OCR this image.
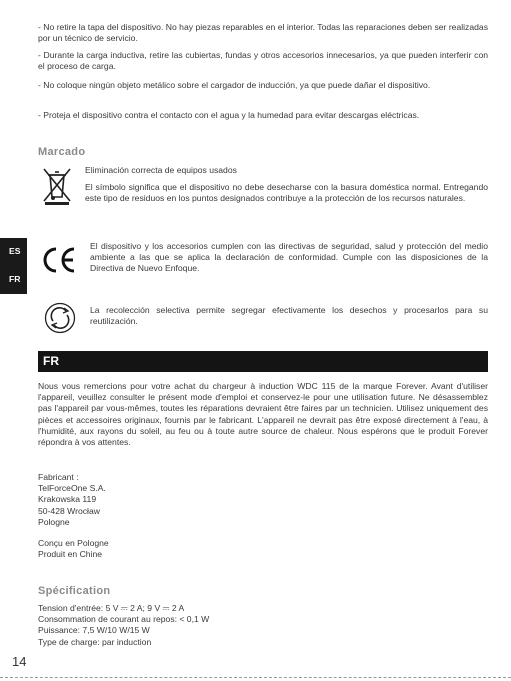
- No retire la tapa del dispositivo. No hay piezas reparables en el interior. Todas las reparaciones deben ser realizadas por un técnico de servicio.
- Durante la carga inductiva, retire las cubiertas, fundas y otros accesorios innecesarios, ya que pueden interferir con el proceso de carga.
- No coloque ningún objeto metálico sobre el cargador de inducción, ya que puede dañar el dispositivo.
- Proteja el dispositivo contra el contacto con el agua y la humedad para evitar descargas eléctricas.
Marcado
Eliminación correcta de equipos usados
El símbolo significa que el dispositivo no debe desecharse con la basura doméstica normal. Entregando este tipo de residuos en los puntos designados contribuye a la protección de los recursos naturales.
El dispositivo y los accesorios cumplen con las directivas de seguridad, salud y protección del medio ambiente a las que se aplica la declaración de conformidad. Cumple con las disposiciones de la Directiva de Nuevo Enfoque.
La recolección selectiva permite segregar efectivamente los desechos y procesarlos para su reutilización.
ES
FR
FR
Nous vous remercions pour votre achat du chargeur à induction WDC 115 de la marque Forever. Avant d'utiliser l'appareil, veuillez consulter le présent mode d'emploi et conservez-le pour une utilisation future. Ne désassemblez pas l'appareil par vous-mêmes, toutes les réparations devraient être faires par un technicien. Utilisez uniquement des pièces et accessoires originaux, fournis par le fabricant. L'appareil ne devrait pas être exposé directement à l'eau, à l'humidité, aux rayons du soleil, au feu ou à toute autre source de chaleur. Nous espérons que le produit Forever répondra à vos attentes.
Fabricant :
TelForceOne S.A.
Krakowska 119
50-428 Wrocław
Pologne
Conçu en Pologne
Produit en Chine
Spécification
Tension d'entrée: 5 V ⎓ 2 A; 9 V ⎓ 2 A
Consommation de courant au repos: < 0,1 W
Puissance: 7,5 W/10 W/15 W
Type de charge: par induction
14
